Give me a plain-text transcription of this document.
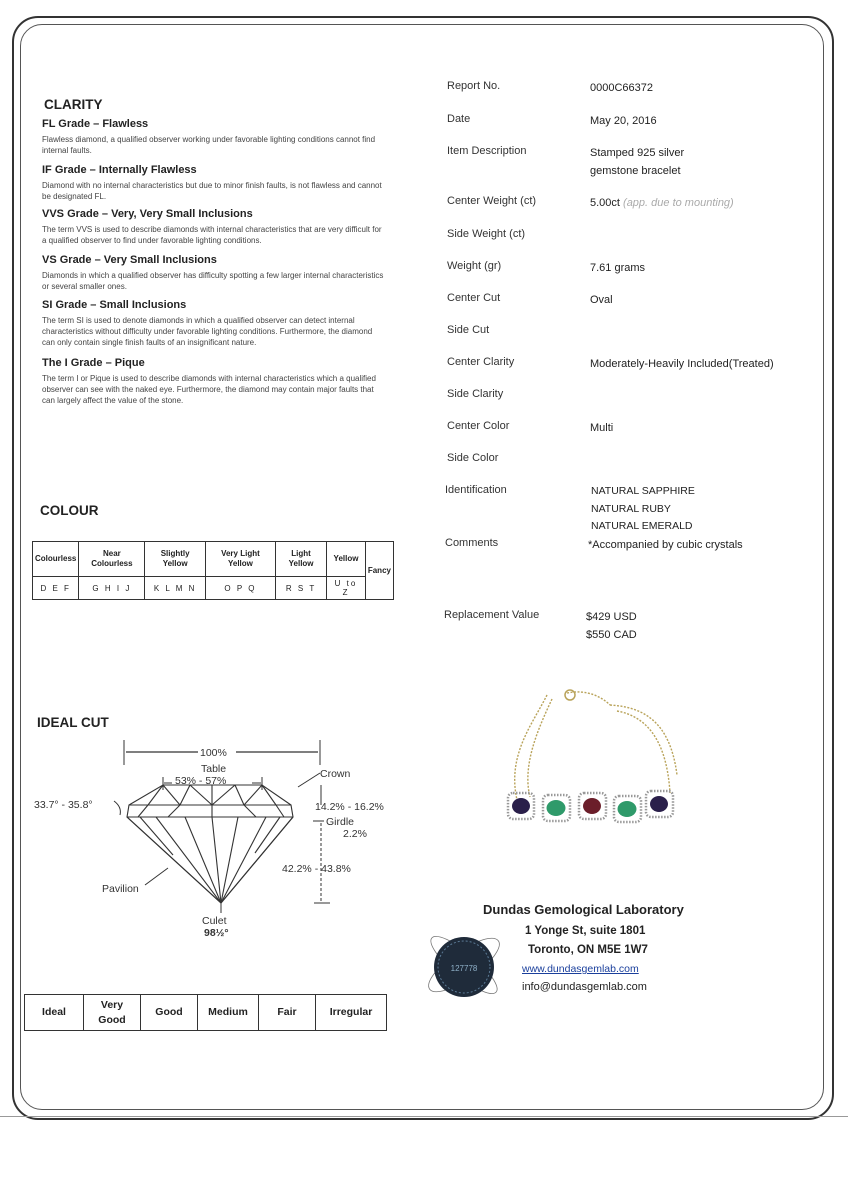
CLARITY
FL Grade – Flawless
Flawless diamond, a qualified observer working under favorable lighting conditions cannot find internal faults.
IF Grade – Internally Flawless
Diamond with no internal characteristics but due to minor finish faults, is not flawless and cannot be designated FL.
VVS Grade – Very, Very Small Inclusions
The term VVS is used to describe diamonds with internal characteristics that are very difficult for a qualified observer to find under favorable lighting conditions.
VS Grade – Very Small Inclusions
Diamonds in which a qualified observer has difficulty spotting a few larger internal characteristics or several smaller ones.
SI Grade – Small Inclusions
The term SI is used to denote diamonds in which a qualified observer can detect internal characteristics without difficulty under favorable lighting conditions. Furthermore, the diamond can only contain single finish faults of an insignificant nature.
The I Grade – Pique
The term I or Pique is used to describe diamonds with internal characteristics which a qualified observer can see with the naked eye. Furthermore, the diamond may contain major faults that can largely affect the value of the stone.
COLOUR
Colourless	Near Colourless	Slightly Yellow	Very Light Yellow	Light Yellow	Yellow	Fancy
D E F	G H I J	K L M N	O P Q	R S T	U to Z	
IDEAL CUT
100%
Table
53% - 57%
Crown
33.7° - 35.8°	14.2% - 16.2%
Girdle
2.2%
42.2% - 43.8%
Pavilion
Culet
98½°
Ideal	Very Good	Good	Medium	Fair	Irregular
Report No.	0000C66372
Date	May 20, 2016
Item Description	Stamped 925 silver
gemstone bracelet
Center Weight (ct)	5.00ct (app. due to mounting)
Side Weight (ct)
Weight (gr)	7.61 grams
Center Cut	Oval
Side Cut
Center Clarity	Moderately-Heavily Included(Treated)
Side Clarity
Center Color	Multi
Side Color
Identification	NATURAL SAPPHIRE
NATURAL RUBY
NATURAL EMERALD
Comments	*Accompanied by cubic crystals
Replacement Value	$429 USD
$550 CAD
127778
Dundas Gemological Laboratory
1 Yonge St, suite 1801
Toronto, ON M5E 1W7
www.dundasgemlab.com
info@dundasgemlab.com
